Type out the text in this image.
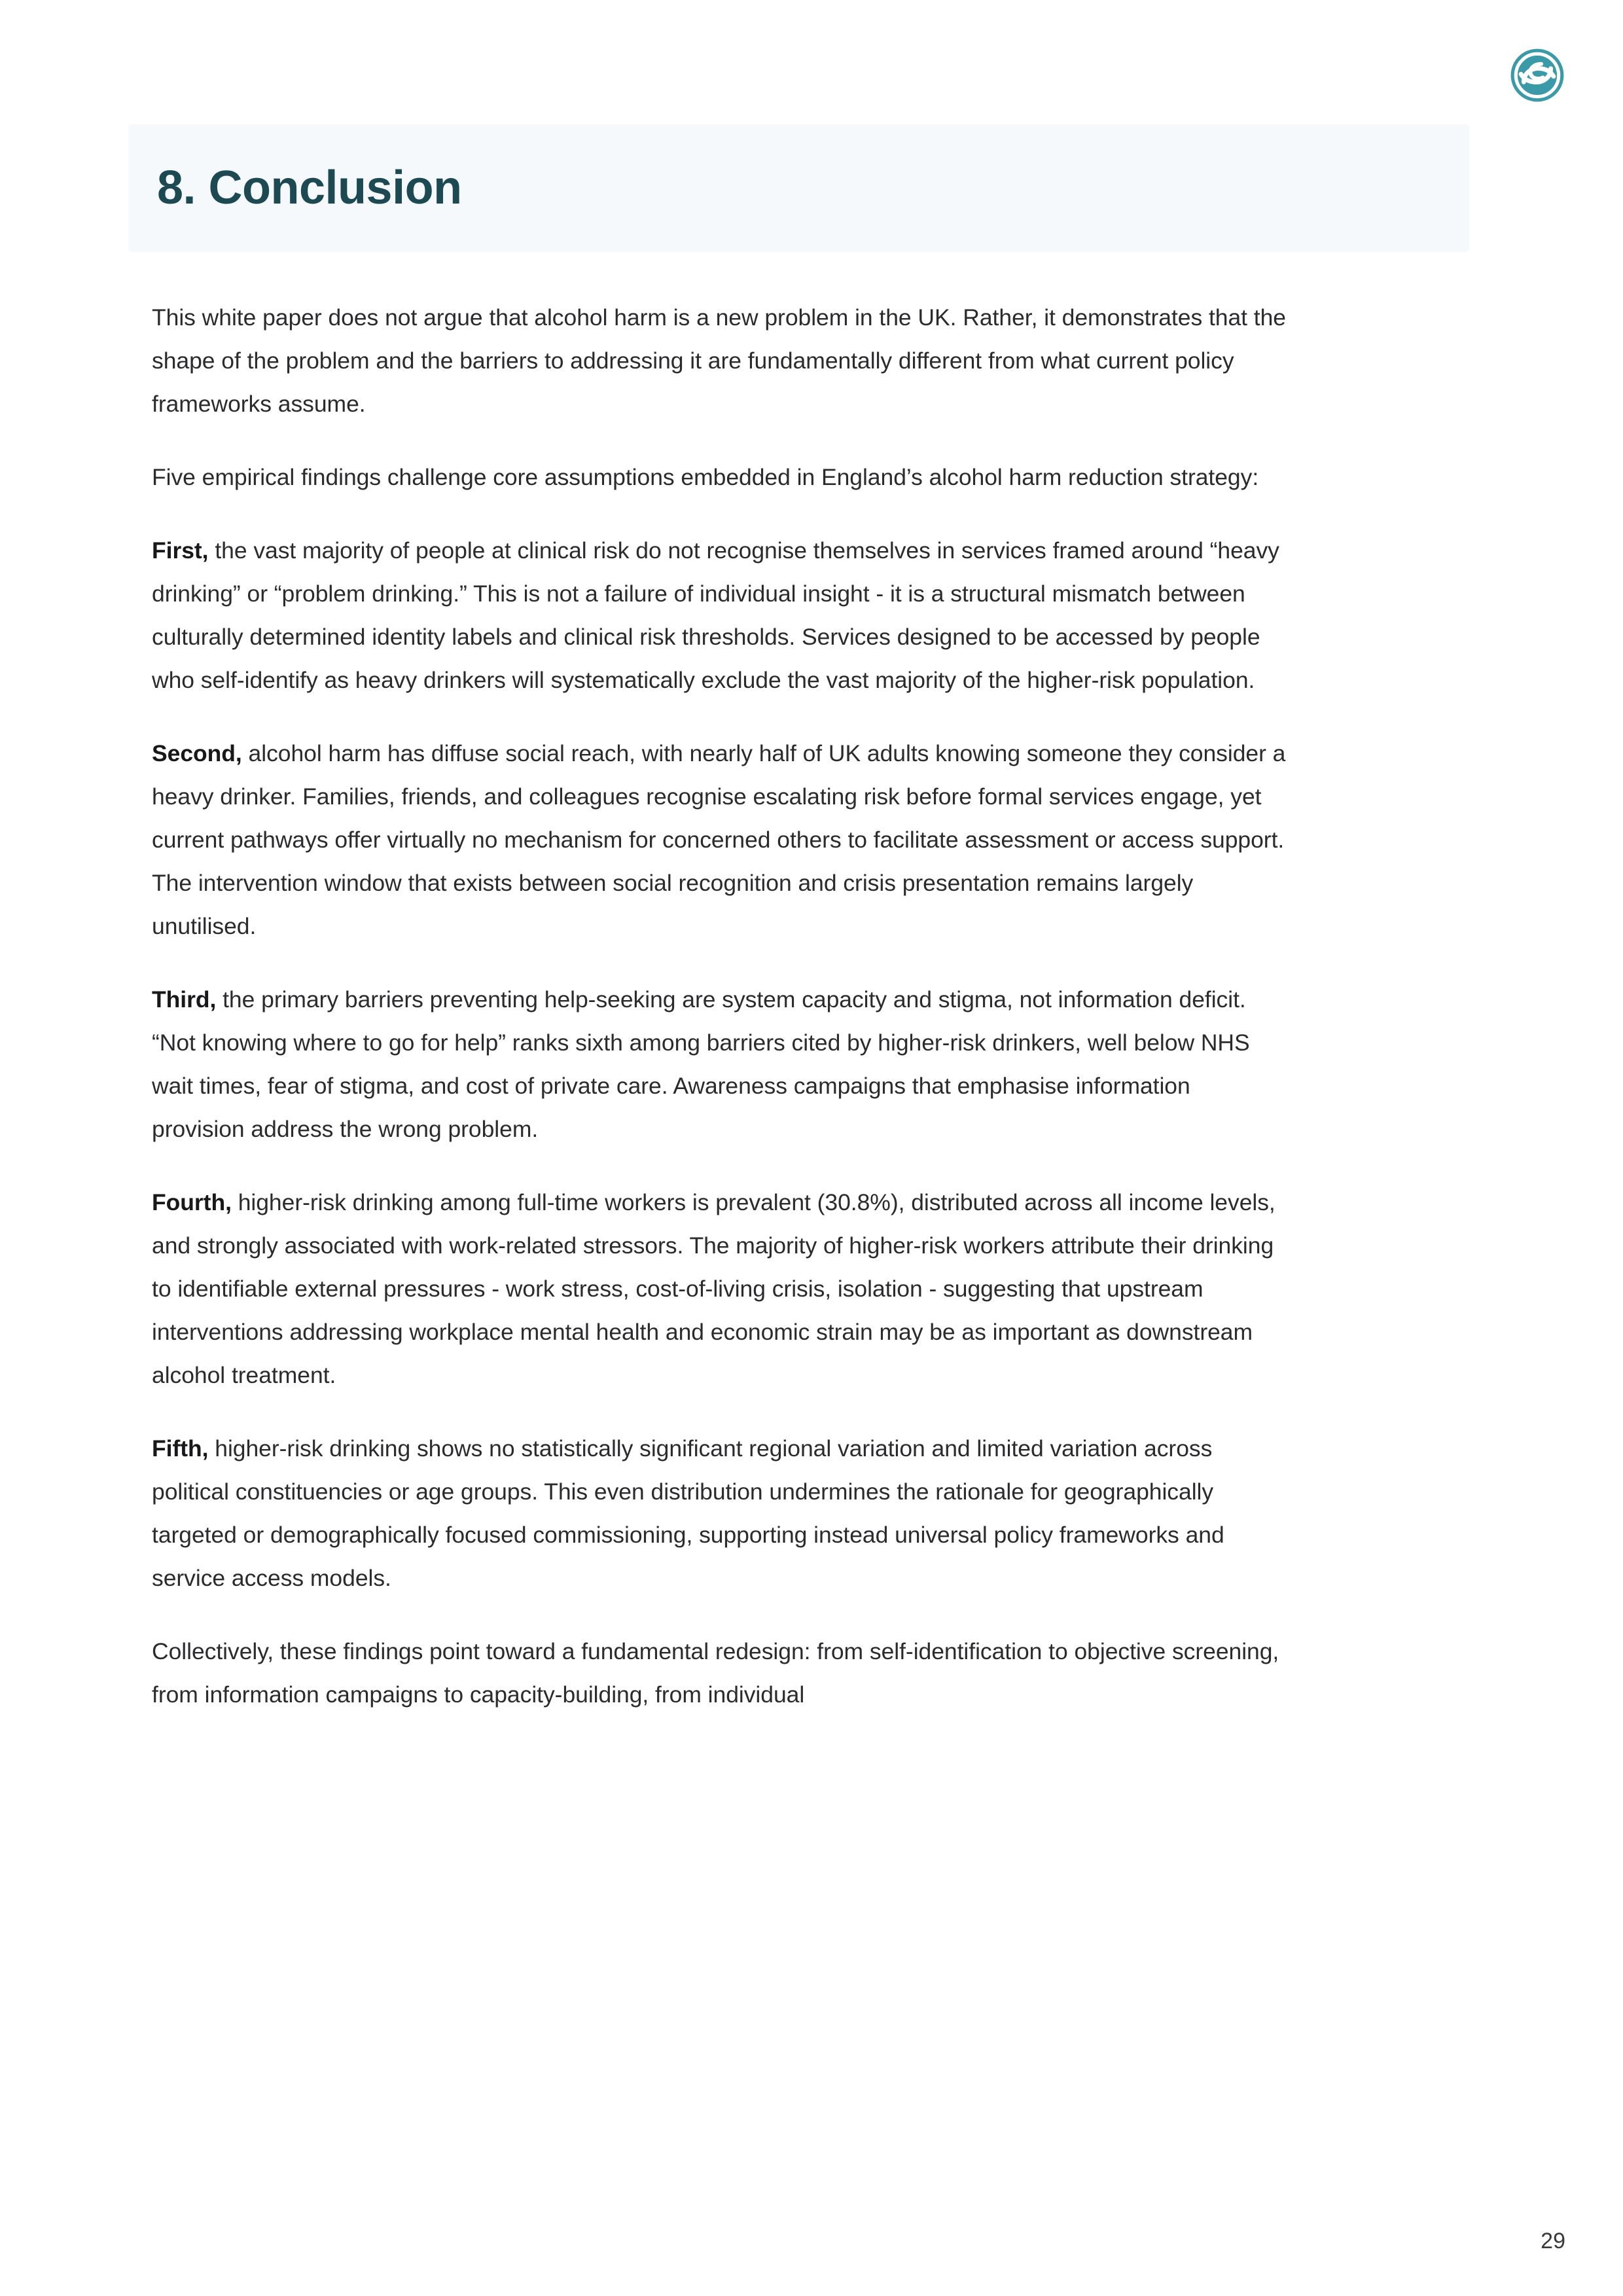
8. Conclusion

This white paper does not argue that alcohol harm is a new problem in the UK. Rather, it demonstrates that the shape of the problem and the barriers to addressing it are fundamentally different from what current policy frameworks assume.

Five empirical findings challenge core assumptions embedded in England’s alcohol harm reduction strategy:

First, the vast majority of people at clinical risk do not recognise themselves in services framed around “heavy drinking” or “problem drinking.” This is not a failure of individual insight - it is a structural mismatch between culturally determined identity labels and clinical risk thresholds. Services designed to be accessed by people who self-identify as heavy drinkers will systematically exclude the vast majority of the higher-risk population.

Second, alcohol harm has diffuse social reach, with nearly half of UK adults knowing someone they consider a heavy drinker. Families, friends, and colleagues recognise escalating risk before formal services engage, yet current pathways offer virtually no mechanism for concerned others to facilitate assessment or access support. The intervention window that exists between social recognition and crisis presentation remains largely unutilised.

Third, the primary barriers preventing help-seeking are system capacity and stigma, not information deficit. “Not knowing where to go for help” ranks sixth among barriers cited by higher-risk drinkers, well below NHS wait times, fear of stigma, and cost of private care. Awareness campaigns that emphasise information provision address the wrong problem.

Fourth, higher-risk drinking among full-time workers is prevalent (30.8%), distributed across all income levels, and strongly associated with work-related stressors. The majority of higher-risk workers attribute their drinking to identifiable external pressures - work stress, cost-of-living crisis, isolation - suggesting that upstream interventions addressing workplace mental health and economic strain may be as important as downstream alcohol treatment.

Fifth, higher-risk drinking shows no statistically significant regional variation and limited variation across political constituencies or age groups. This even distribution undermines the rationale for geographically targeted or demographically focused commissioning, supporting instead universal policy frameworks and service access models.

Collectively, these findings point toward a fundamental redesign: from self-identification to objective screening, from information campaigns to capacity-building, from individual

29
